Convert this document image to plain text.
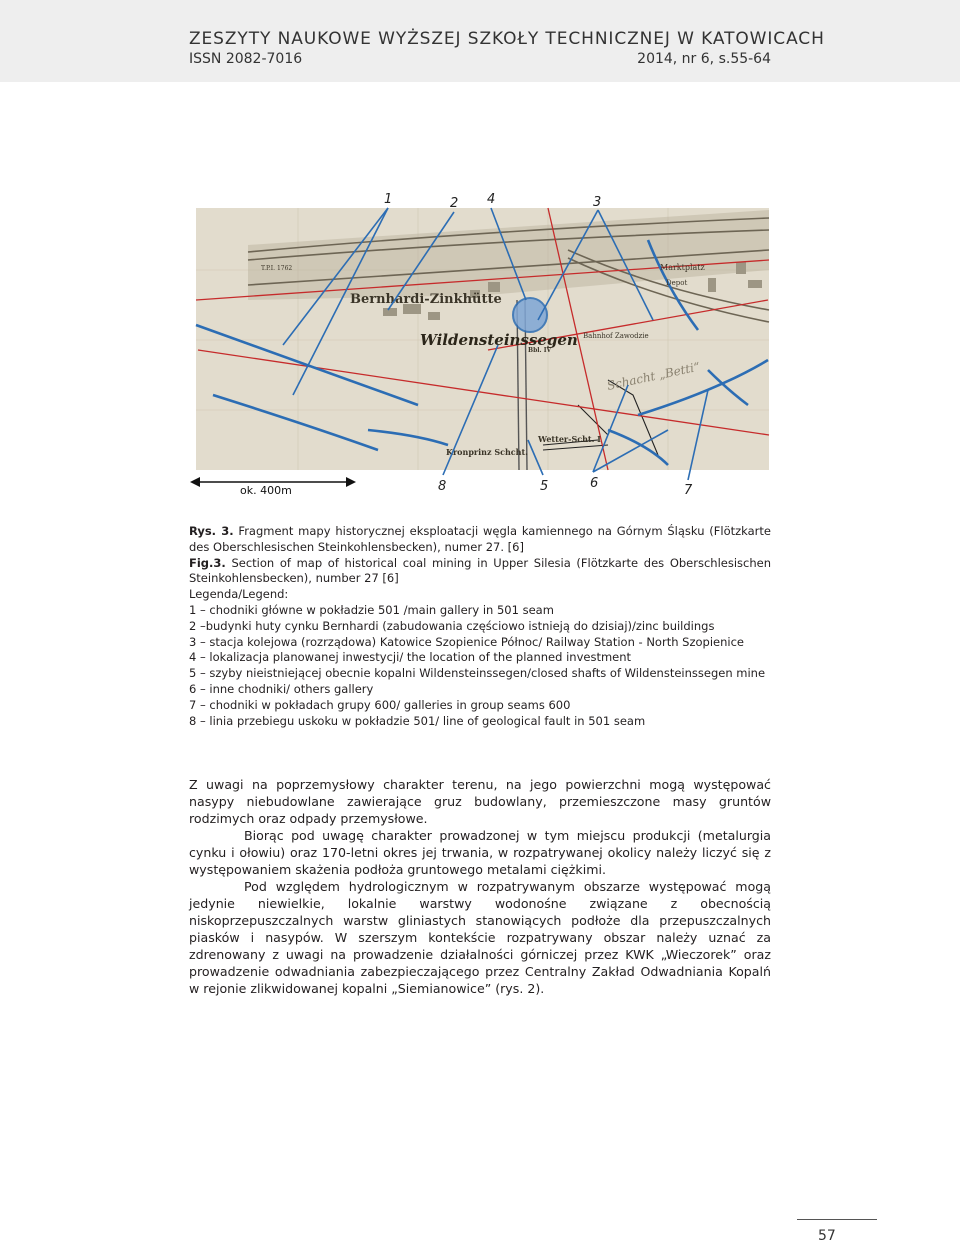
ZESZYTY NAUKOWE WYŻSZEJ SZKOŁY TECHNICZNEJ W KATOWICACH
ISSN 2082-7016	2014, nr 6, s.55-64
Bernhardi-Zinkhütte
Wildensteinssegen
Schacht „Betti“
Kronprinz Schcht.
Wetter-Scht. I
Bahnhof Zawodzie
Marktplatz
Depot
T.P.I. 1762
Bbl. IV
1	2 4	3
8	5	6	7
ok. 400m

Rys. 3. Fragment mapy historycznej eksploatacji węgla kamiennego na Górnym Śląsku (Flötzkarte des Oberschlesischen Steinkohlensbecken), numer 27. [6]

Fig.3. Section of map of historical coal mining in Upper Silesia (Flötzkarte des Oberschlesischen Steinkohlensbecken), number 27 [6]

Legenda/Legend:

1 – chodniki główne w pokładzie 501 /main gallery in 501 seam

2 –budynki huty cynku Bernhardi (zabudowania częściowo istnieją do dzisiaj)/zinc buildings

3 – stacja kolejowa (rozrządowa) Katowice Szopienice Północ/ Railway Station - North Szopienice

4 – lokalizacja planowanej inwestycji/ the location of the planned investment

5 – szyby nieistniejącej obecnie kopalni Wildensteinssegen/closed shafts of Wildensteinssegen mine

6 – inne chodniki/ others gallery

7 – chodniki w pokładach grupy 600/ galleries in group seams 600

8 – linia przebiegu uskoku w pokładzie 501/ line of geological fault in 501 seam

Z uwagi na poprzemysłowy charakter terenu, na jego powierzchni mogą występować nasypy niebudowlane zawierające gruz budowlany, przemieszczone masy gruntów rodzimych oraz odpady przemysłowe.

Biorąc pod uwagę charakter prowadzonej w tym miejscu produkcji (metalurgia cynku i ołowiu) oraz 170-letni okres jej trwania, w rozpatrywanej okolicy należy liczyć się z występowaniem skażenia podłoża gruntowego metalami ciężkimi.

Pod względem hydrologicznym w rozpatrywanym obszarze występować mogą jedynie niewielkie, lokalnie warstwy wodonośne związane z obecnością niskoprzepuszczalnych warstw gliniastych stanowiących podłoże dla przepuszczalnych piasków i nasypów. W szerszym kontekście rozpatrywany obszar należy uznać za zdrenowany z uwagi na prowadzenie działalności górniczej przez KWK „Wieczorek” oraz prowadzenie odwadniania zabezpieczającego przez Centralny Zakład Odwadniania Kopalń w rejonie zlikwidowanej kopalni „Siemianowice” (rys. 2).

57
